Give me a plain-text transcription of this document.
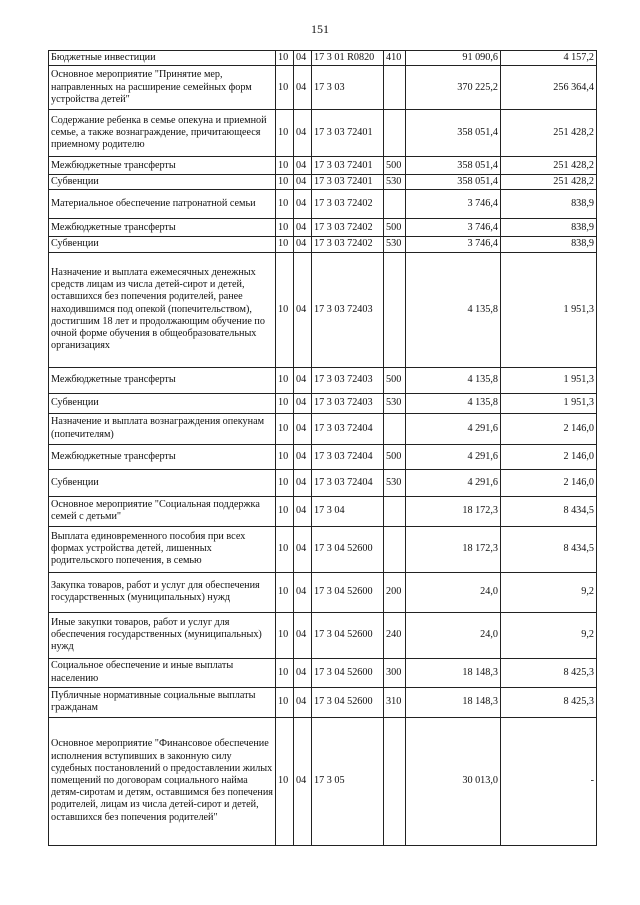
151
Бюджетные инвестиции	10	04	17 3 01 R0820	410	91 090,6	4 157,2
Основное мероприятие "Принятие мер, направленных на расширение семейных форм устройства детей"	10	04	17 3 03		370 225,2	256 364,4
Содержание ребенка в семье опекуна и приемной семье, а также вознаграждение, причитающееся приемному родителю	10	04	17 3 03 72401		358 051,4	251 428,2
Межбюджетные трансферты	10	04	17 3 03 72401	500	358 051,4	251 428,2
Субвенции	10	04	17 3 03 72401	530	358 051,4	251 428,2
Материальное обеспечение патронатной семьи	10	04	17 3 03 72402		3 746,4	838,9
Межбюджетные трансферты	10	04	17 3 03 72402	500	3 746,4	838,9
Субвенции	10	04	17 3 03 72402	530	3 746,4	838,9
Назначение и выплата ежемесячных денежных средств лицам из числа детей-сирот и детей, оставшихся без попечения родителей, ранее находившимся под опекой (попечительством), достигшим 18 лет и продолжающим обучение по очной форме обучения в общеобразовательных организациях	10	04	17 3 03 72403		4 135,8	1 951,3
Межбюджетные трансферты	10	04	17 3 03 72403	500	4 135,8	1 951,3
Субвенции	10	04	17 3 03 72403	530	4 135,8	1 951,3
Назначение и выплата вознаграждения опекунам (попечителям)	10	04	17 3 03 72404		4 291,6	2 146,0
Межбюджетные трансферты	10	04	17 3 03 72404	500	4 291,6	2 146,0
Субвенции	10	04	17 3 03 72404	530	4 291,6	2 146,0
Основное мероприятие "Социальная поддержка семей с детьми"	10	04	17 3 04		18 172,3	8 434,5
Выплата единовременного пособия при всех формах устройства детей, лишенных родительского попечения, в семью	10	04	17 3 04 52600		18 172,3	8 434,5
Закупка товаров, работ и услуг для обеспечения государственных (муниципальных) нужд	10	04	17 3 04 52600	200	24,0	9,2
Иные закупки товаров, работ и услуг для обеспечения государственных (муниципальных) нужд	10	04	17 3 04 52600	240	24,0	9,2
Социальное обеспечение и иные выплаты населению	10	04	17 3 04 52600	300	18 148,3	8 425,3
Публичные нормативные социальные выплаты гражданам	10	04	17 3 04 52600	310	18 148,3	8 425,3
Основное мероприятие "Финансовое обеспечение исполнения вступивших в законную силу судебных постановлений о предоставлении жилых помещений по договорам социального найма детям-сиротам и детям, оставшимся без попечения родителей, лицам из числа детей-сирот и детей, оставшихся без попечения родителей"	10	04	17 3 05		30 013,0	-
